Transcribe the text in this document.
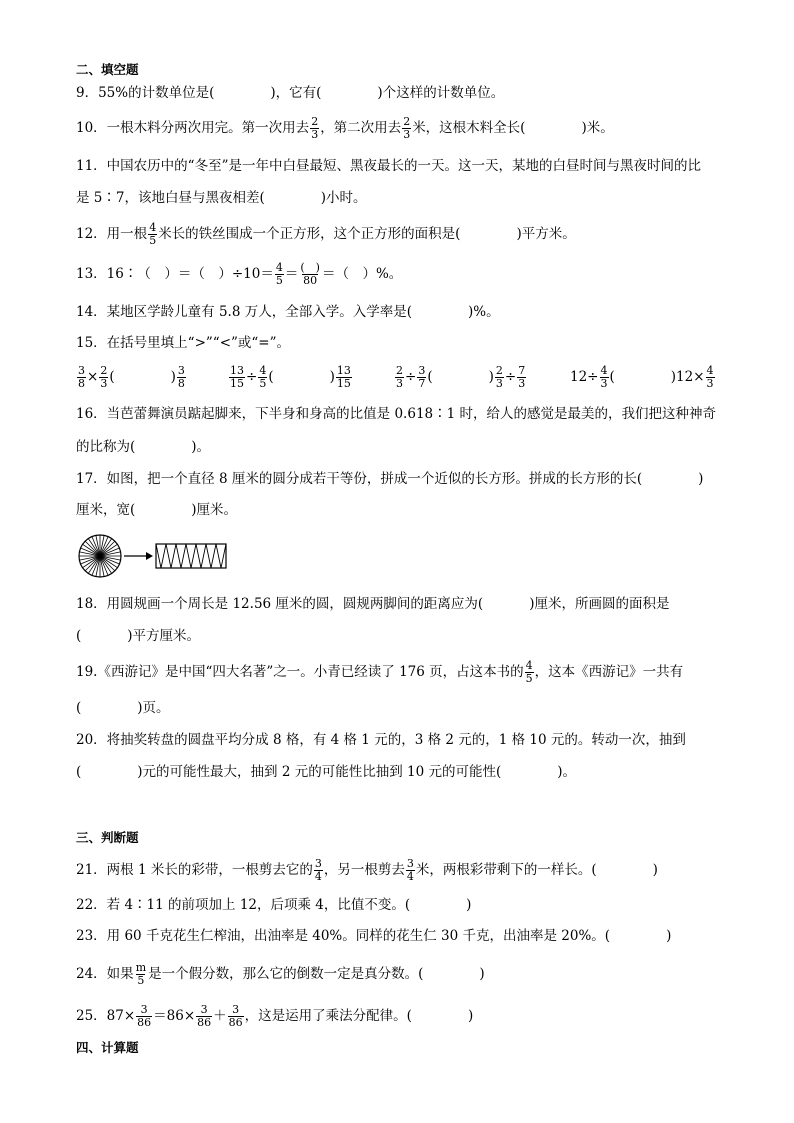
二、填空题
9．55%的计数单位是(	)，它有(	)个这样的计数单位。
10．一根木料分两次用完。第一次用去 $\frac{2}{3}$ ，第二次用去 $\frac{2}{3}$ 米，这根木料全长(	)米。
11．中国农历中的“冬至”是一年中白昼最短、黑夜最长的一天。这一天，某地的白昼时间与黑夜时间的比
是 5∶7，该地白昼与黑夜相差(	)小时。
12．用一根 $\frac{4}{5}$ 米长的铁丝围成一个正方形，这个正方形的面积是(	)平方米。
13．16∶（　）＝（　）$\div 10= \frac{4}{5} = \frac{( )}{80}$ ＝（　）%。
14．某地区学龄儿童有 5.8 万人，全部入学。入学率是(	)%。
15．在括号里填上“>”“<”或“=”。
$\frac{3}{8} \times \frac{2}{3}$ (	) $\frac{3}{8}$	$\frac{13}{15} \div \frac{4}{5}$ (	) $\frac{13}{15}$	$\frac{2}{3} \div \frac{3}{7}$ (	) $\frac{2}{3} \div \frac{7}{3}$	$12\div \frac{4}{3}$ (	)$12\times \frac{4}{3}$
16．当芭蕾舞演员踮起脚来，下半身和身高的比值是 0.618∶1 时，给人的感觉是最美的，我们把这种神奇
的比称为(	)。
17．如图，把一个直径 8 厘米的圆分成若干等份，拼成一个近似的长方形。拼成的长方形的长(	)
厘米，宽(	)厘米。
18．用圆规画一个周长是 12.56 厘米的圆，圆规两脚间的距离应为(	)厘米，所画圆的面积是
(	)平方厘米。
19.《西游记》是中国“四大名著”之一。小青已经读了 176 页，占这本书的 $\frac{4}{5}$ ，这本《西游记》一共有
(	)页。
20．将抽奖转盘的圆盘平均分成 8 格，有 4 格 1 元的，3 格 2 元的，1 格 10 元的。转动一次，抽到
(	)元的可能性最大，抽到 2 元的可能性比抽到 10 元的可能性(	)。
三、判断题
21．两根 1 米长的彩带，一根剪去它的 $\frac{3}{4}$ ，另一根剪去 $\frac{3}{4}$ 米，两根彩带剩下的一样长。(	)
22．若 4∶11 的前项加上 12，后项乘 4，比值不变。(	)
23．用 60 千克花生仁榨油，出油率是 40%。同样的花生仁 30 千克，出油率是 20%。(	)
24．如果 $\frac{m}{5}$ 是一个假分数，那么它的倒数一定是真分数。(	)
25．$87\times \frac{3}{86} =86\times \frac{3}{86} + \frac{3}{86}$ ，这是运用了乘法分配律。(	)
四、计算题
